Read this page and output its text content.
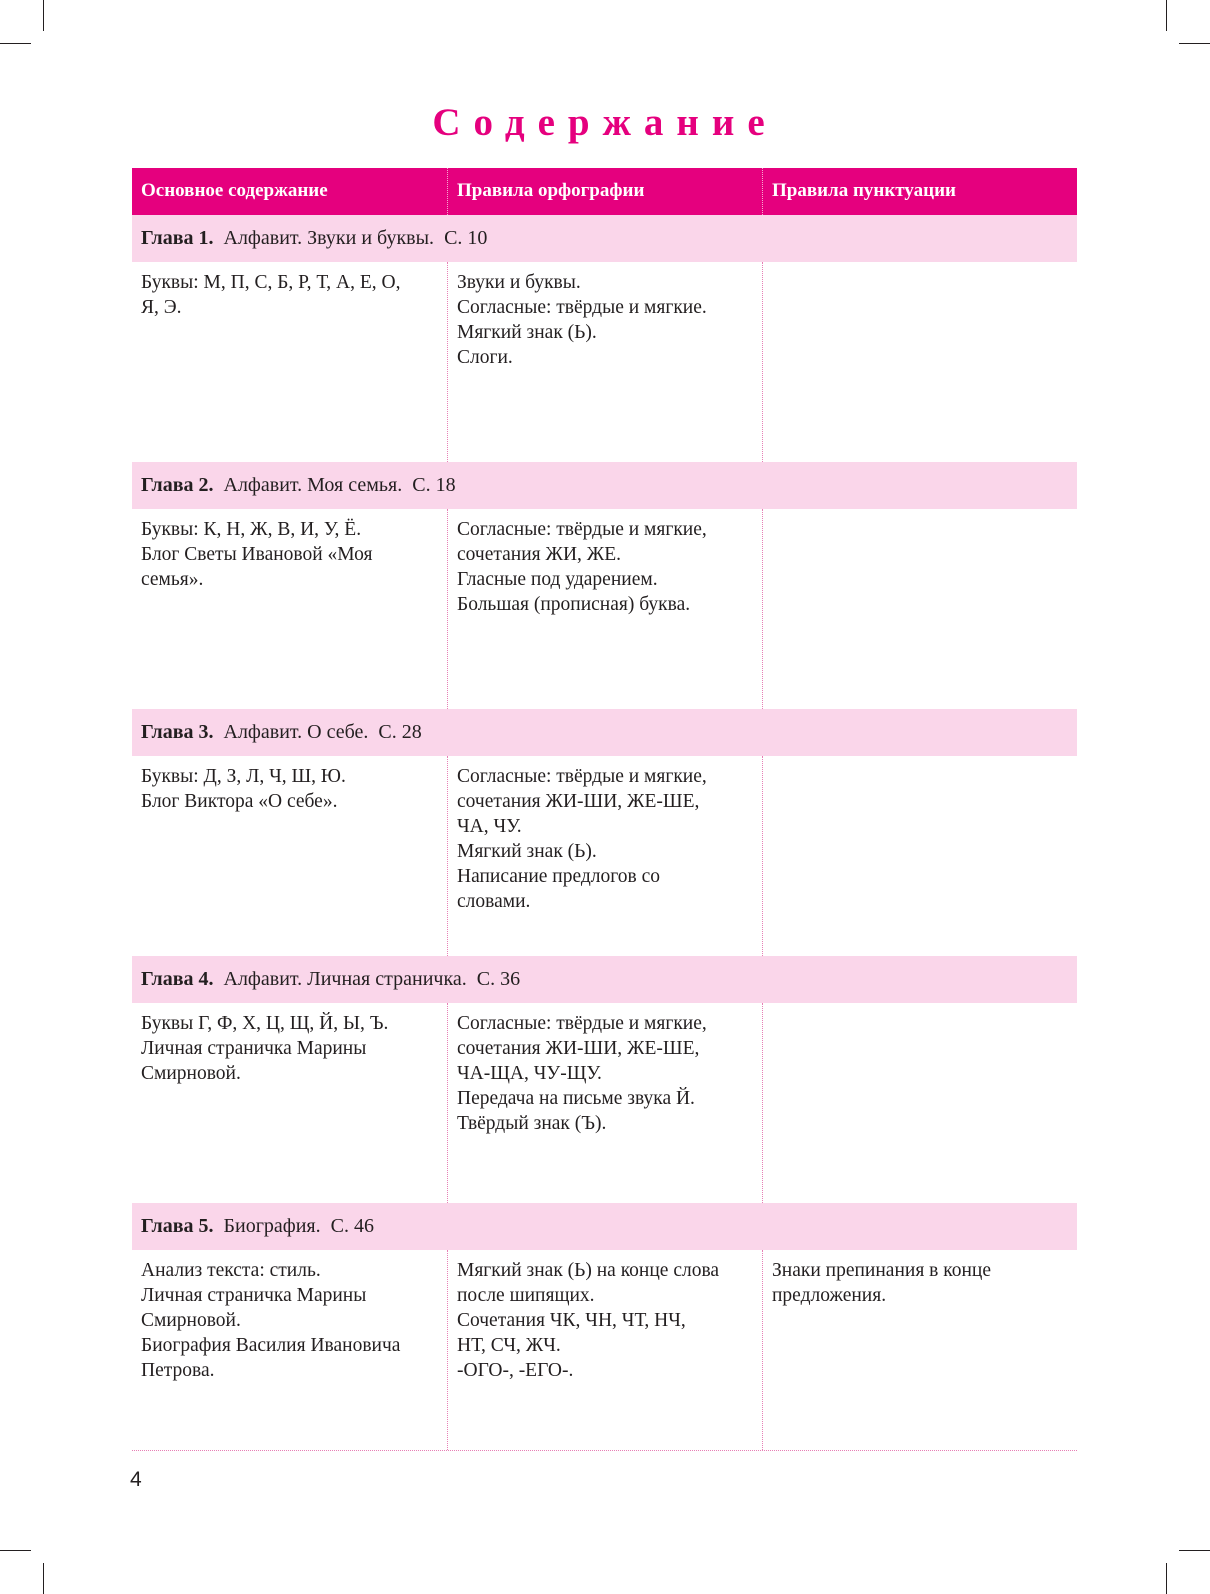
Содержание
Основное содержание	Правила орфографии	Правила пунктуации
Глава 1. Алфавит. Звуки и буквы. С. 10
Буквы: М, П, С, Б, Р, Т, А, Е, О,
Я, Э.
Звуки и буквы.
Согласные: твёрдые и мягкие.
Мягкий знак (Ь).
Слоги.
Глава 2. Алфавит. Моя семья. С. 18
Буквы: К, Н, Ж, В, И, У, Ё.
Блог Светы Ивановой «Моя
семья».
Согласные: твёрдые и мягкие,
сочетания ЖИ, ЖЕ.
Гласные под ударением.
Большая (прописная) буква.
Глава 3. Алфавит. О себе. С. 28
Буквы: Д, З, Л, Ч, Ш, Ю.
Блог Виктора «О себе».
Согласные: твёрдые и мягкие,
сочетания ЖИ-ШИ, ЖЕ-ШЕ,
ЧА, ЧУ.
Мягкий знак (Ь).
Написание предлогов со
словами.
Глава 4. Алфавит. Личная страничка. С. 36
Буквы Г, Ф, Х, Ц, Щ, Й, Ы, Ъ.
Личная страничка Марины
Смирновой.
Согласные: твёрдые и мягкие,
сочетания ЖИ-ШИ, ЖЕ-ШЕ,
ЧА-ЩА, ЧУ-ЩУ.
Передача на письме звука Й.
Твёрдый знак (Ъ).
Глава 5. Биография. С. 46
Анализ текста: стиль.
Личная страничка Марины
Смирновой.
Биография Василия Ивановича
Петрова.
Мягкий знак (Ь) на конце слова
после шипящих.
Сочетания ЧК, ЧН, ЧТ, НЧ,
НТ, СЧ, ЖЧ.
-ОГО-, -ЕГО-.
Знаки препинания в конце
предложения.
4
